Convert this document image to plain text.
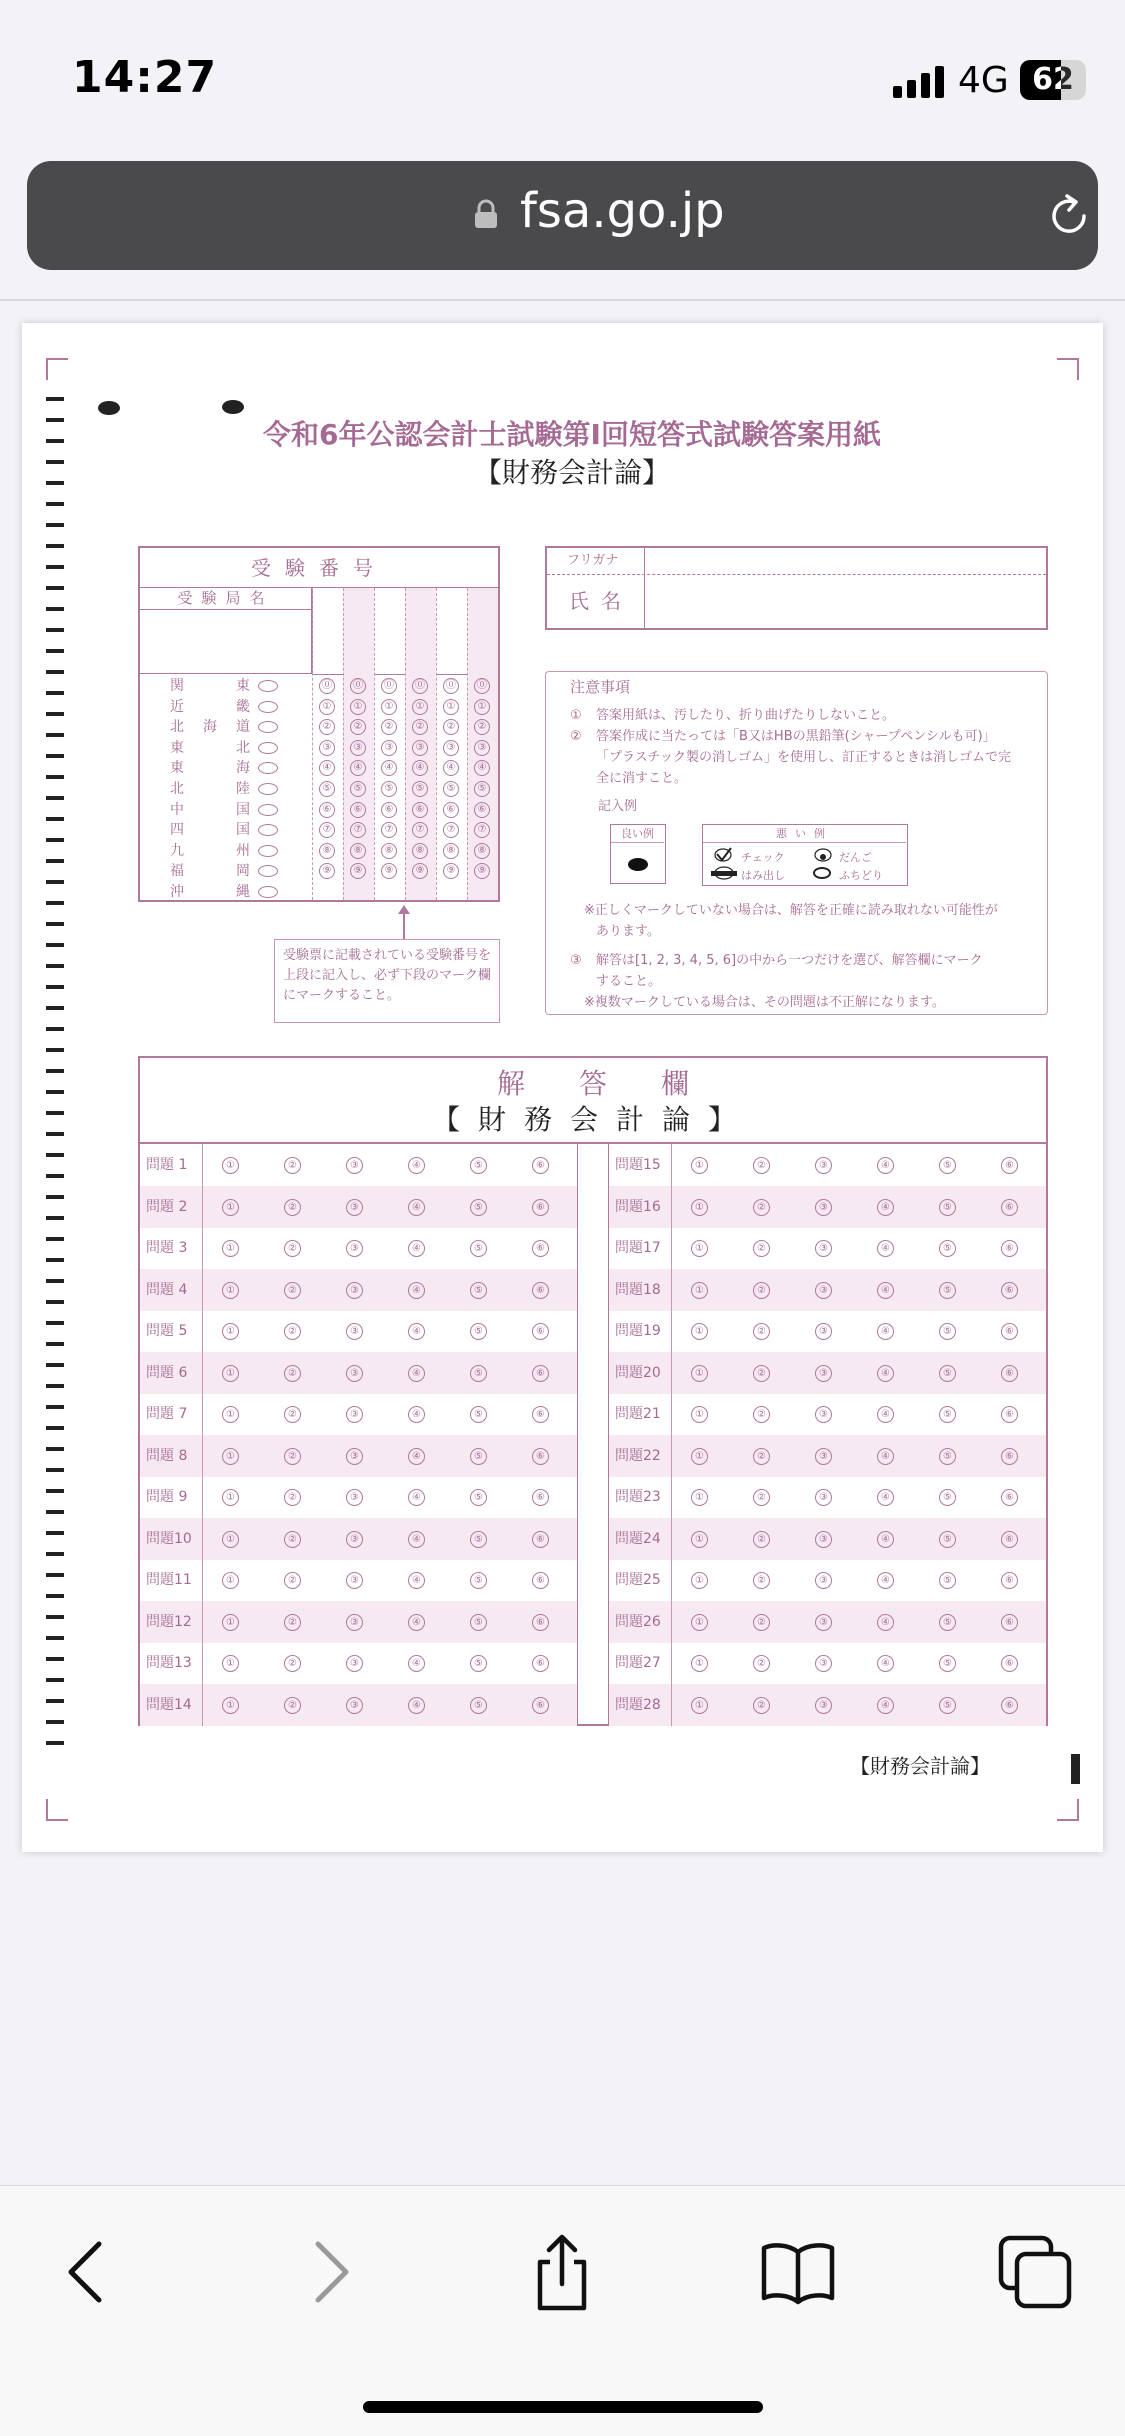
14:27	4G 62
fsa.go.jp
令和6年公認会計士試験第Ⅰ回短答式試験答案用紙
【財務会計論】
受験番号
受験局名
関東
近畿
北海道
東北
東海
北陸
中国
四国
九州
福岡
沖縄
⓪	⓪	⓪	⓪	⓪	⓪
①	①	①	①	①	①
②	②	②	②	②	②
③	③	③	③	③	③
④	④	④	④	④	④
⑤	⑤	⑤	⑤	⑤	⑤
⑥	⑥	⑥	⑥	⑥	⑥
⑦	⑦	⑦	⑦	⑦	⑦
⑧	⑧	⑧	⑧	⑧	⑧
⑨	⑨	⑨	⑨	⑨	⑨
受験票に記載されている受験番号を上段に記入し、必ず下段のマーク欄にマークすること。
フリガナ
氏名
注意事項
① 答案用紙は、汚したり、折り曲げたりしないこと。
② 答案作成に当たっては「B又はHBの黒鉛筆(シャープペンシルも可)」
「プラスチック製の消しゴム」を使用し、訂正するときは消しゴムで完
全に消すこと。
記入例
良い例	悪い例
チェック	だんご
はみ出し	ふちどり
※正しくマークしていない場合は、解答を正確に読み取れない可能性が
あります。
③ 解答は[1, 2, 3, 4, 5, 6]の中から一つだけを選び、解答欄にマーク
すること。
※複数マークしている場合は、その問題は不正解になります。
解答欄
【財務会計論】
問題 1	①	②	③	④	⑤	⑥
問題 2	①	②	③	④	⑤	⑥
問題 3	①	②	③	④	⑤	⑥
問題 4	①	②	③	④	⑤	⑥
問題 5	①	②	③	④	⑤	⑥
問題 6	①	②	③	④	⑤	⑥
問題 7	①	②	③	④	⑤	⑥
問題 8	①	②	③	④	⑤	⑥
問題 9	①	②	③	④	⑤	⑥
問題10	①	②	③	④	⑤	⑥
問題11	①	②	③	④	⑤	⑥
問題12	①	②	③	④	⑤	⑥
問題13	①	②	③	④	⑤	⑥
問題14	①	②	③	④	⑤	⑥
問題15	①	②	③	④	⑤	⑥
問題16	①	②	③	④	⑤	⑥
問題17	①	②	③	④	⑤	⑥
問題18	①	②	③	④	⑤	⑥
問題19	①	②	③	④	⑤	⑥
問題20	①	②	③	④	⑤	⑥
問題21	①	②	③	④	⑤	⑥
問題22	①	②	③	④	⑤	⑥
問題23	①	②	③	④	⑤	⑥
問題24	①	②	③	④	⑤	⑥
問題25	①	②	③	④	⑤	⑥
問題26	①	②	③	④	⑤	⑥
問題27	①	②	③	④	⑤	⑥
問題28	①	②	③	④	⑤	⑥
【財務会計論】
